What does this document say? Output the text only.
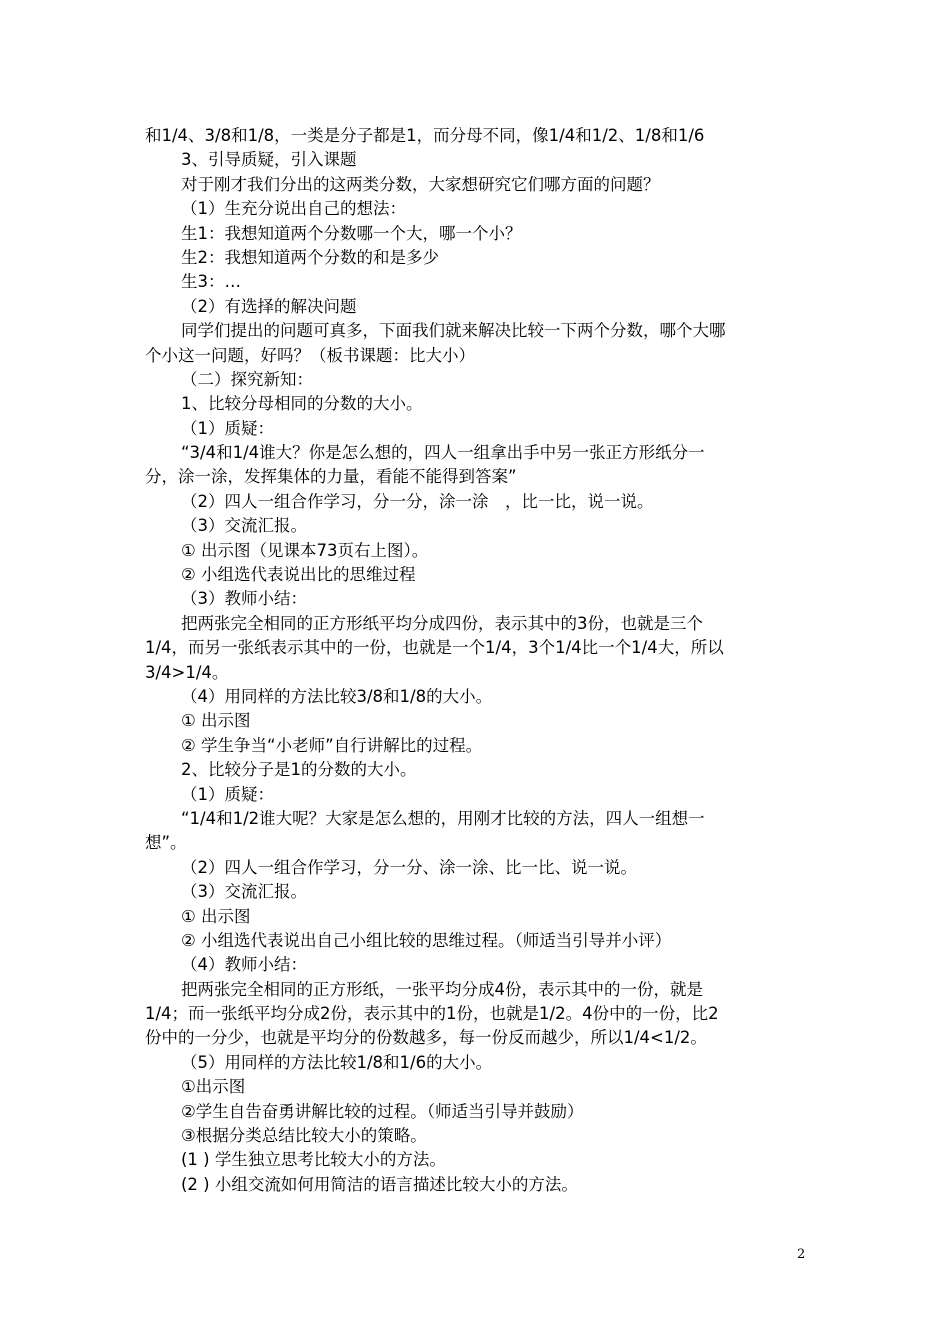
和1/4、3/8和1/8，一类是分子都是1，而分母不同，像1/4和1/2、1/8和1/6
3、引导质疑，引入课题
对于刚才我们分出的这两类分数，大家想研究它们哪方面的问题？
（1）生充分说出自己的想法：
生1：我想知道两个分数哪一个大，哪一个小？
生2：我想知道两个分数的和是多少
生3：…
（2）有选择的解决问题
同学们提出的问题可真多，下面我们就来解决比较一下两个分数，哪个大哪
个小这一问题，好吗？（板书课题：比大小）
（二）探究新知：
1、比较分母相同的分数的大小。
（1）质疑：
“3/4和1/4谁大？你是怎么想的，四人一组拿出手中另一张正方形纸分一
分，涂一涂，发挥集体的力量，看能不能得到答案”
（2）四人一组合作学习，分一分，涂一涂　，比一比，说一说。
（3）交流汇报。
① 出示图（见课本73页右上图）。
② 小组选代表说出比的思维过程
（3）教师小结：
把两张完全相同的正方形纸平均分成四份，表示其中的3份，也就是三个
1/4，而另一张纸表示其中的一份，也就是一个1/4，3个1/4比一个1/4大，所以
3/4>1/4。
（4）用同样的方法比较3/8和1/8的大小。
① 出示图
② 学生争当“小老师”自行讲解比的过程。
2、比较分子是1的分数的大小。
（1）质疑：
“1/4和1/2谁大呢？大家是怎么想的，用刚才比较的方法，四人一组想一
想”。
（2）四人一组合作学习，分一分、涂一涂、比一比、说一说。
（3）交流汇报。
① 出示图
② 小组选代表说出自己小组比较的思维过程。（师适当引导并小评）
（4）教师小结：
把两张完全相同的正方形纸，一张平均分成4份，表示其中的一份，就是
1/4；而一张纸平均分成2份，表示其中的1份，也就是1/2。4份中的一份，比2
份中的一分少，也就是平均分的份数越多，每一份反而越少，所以1/4<1/2。
（5）用同样的方法比较1/8和1/6的大小。
①出示图
②学生自告奋勇讲解比较的过程。（师适当引导并鼓励）
③根据分类总结比较大小的策略。
(1 ) 学生独立思考比较大小的方法。
(2 ) 小组交流如何用简洁的语言描述比较大小的方法。
2
